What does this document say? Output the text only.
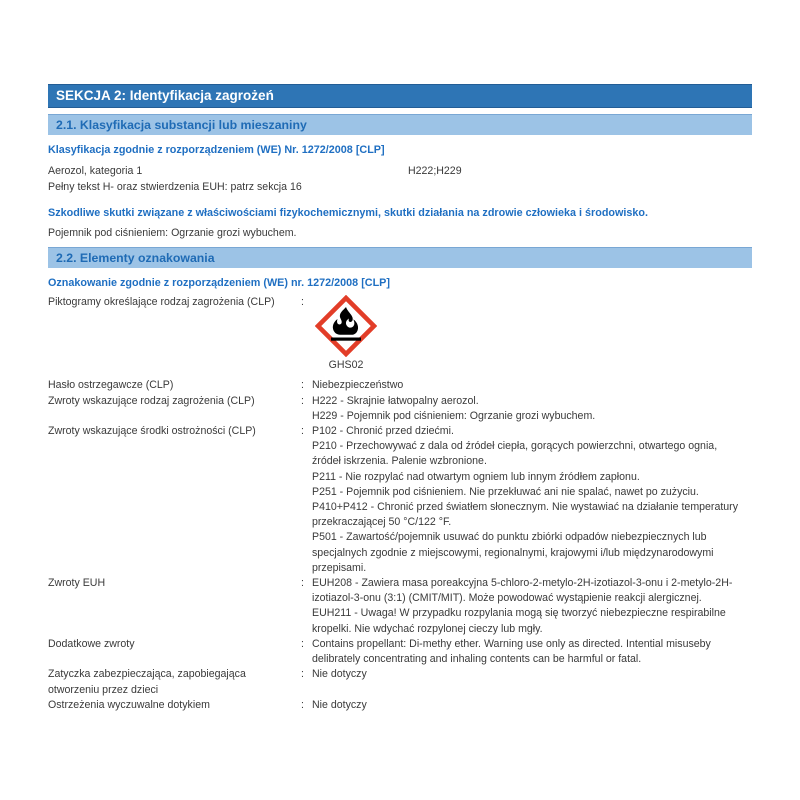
SEKCJA 2: Identyfikacja zagrożeń
2.1. Klasyfikacja substancji lub mieszaniny

Klasyfikacja zgodnie z rozporządzeniem (WE) Nr. 1272/2008 [CLP]

Aerozol, kategoria 1	H222;H229

Pełny tekst H- oraz stwierdzenia EUH: patrz sekcja 16

Szkodliwe skutki związane z właściwościami fizykochemicznymi, skutki działania na zdrowie człowieka i środowisko.

Pojemnik pod ciśnieniem: Ogrzanie grozi wybuchem.

2.2. Elementy oznakowania

Oznakowanie zgodnie z rozporządzeniem (WE) nr. 1272/2008 [CLP]

Piktogramy określające rodzaj zagrożenia (CLP)	:
GHS02
Hasło ostrzegawcze (CLP)	: Niebezpieczeństwo
Zwroty wskazujące rodzaj zagrożenia (CLP)	: H222 - Skrajnie łatwopalny aerozol.
H229 - Pojemnik pod ciśnieniem: Ogrzanie grozi wybuchem.
Zwroty wskazujące środki ostrożności (CLP)	: P102 - Chronić przed dziećmi.
P210 - Przechowywać z dala od źródeł ciepła, gorących powierzchni, otwartego ognia,
źródeł iskrzenia. Palenie wzbronione.
P211 - Nie rozpylać nad otwartym ogniem lub innym źródłem zapłonu.
P251 - Pojemnik pod ciśnieniem. Nie przekłuwać ani nie spalać, nawet po zużyciu.
P410+P412 - Chronić przed światłem słonecznym. Nie wystawiać na działanie temperatury
przekraczającej 50 °C/122 °F.
P501 - Zawartość/pojemnik usuwać do punktu zbiórki odpadów niebezpiecznych lub
specjalnych zgodnie z miejscowymi, regionalnymi, krajowymi i/lub międzynarodowymi
przepisami.
Zwroty EUH	: EUH208 - Zawiera masa poreakcyjna 5-chloro-2-metylo-2H-izotiazol-3-onu i 2-metylo-2H-
izotiazol-3-onu (3:1) (CMIT/MIT). Może powodować wystąpienie reakcji alergicznej.
EUH211 - Uwaga! W przypadku rozpylania mogą się tworzyć niebezpieczne respirabilne
kropelki. Nie wdychać rozpylonej cieczy lub mgły.
Dodatkowe zwroty	: Contains propellant: Di-methy ether. Warning use only as directed. Intential misuseby
delibrately concentrating and inhaling contents can be harmful or fatal.
Zatyczka zabezpieczająca, zapobiegająca
otworzeniu przez dzieci
: Nie dotyczy
Ostrzeżenia wyczuwalne dotykiem	: Nie dotyczy
